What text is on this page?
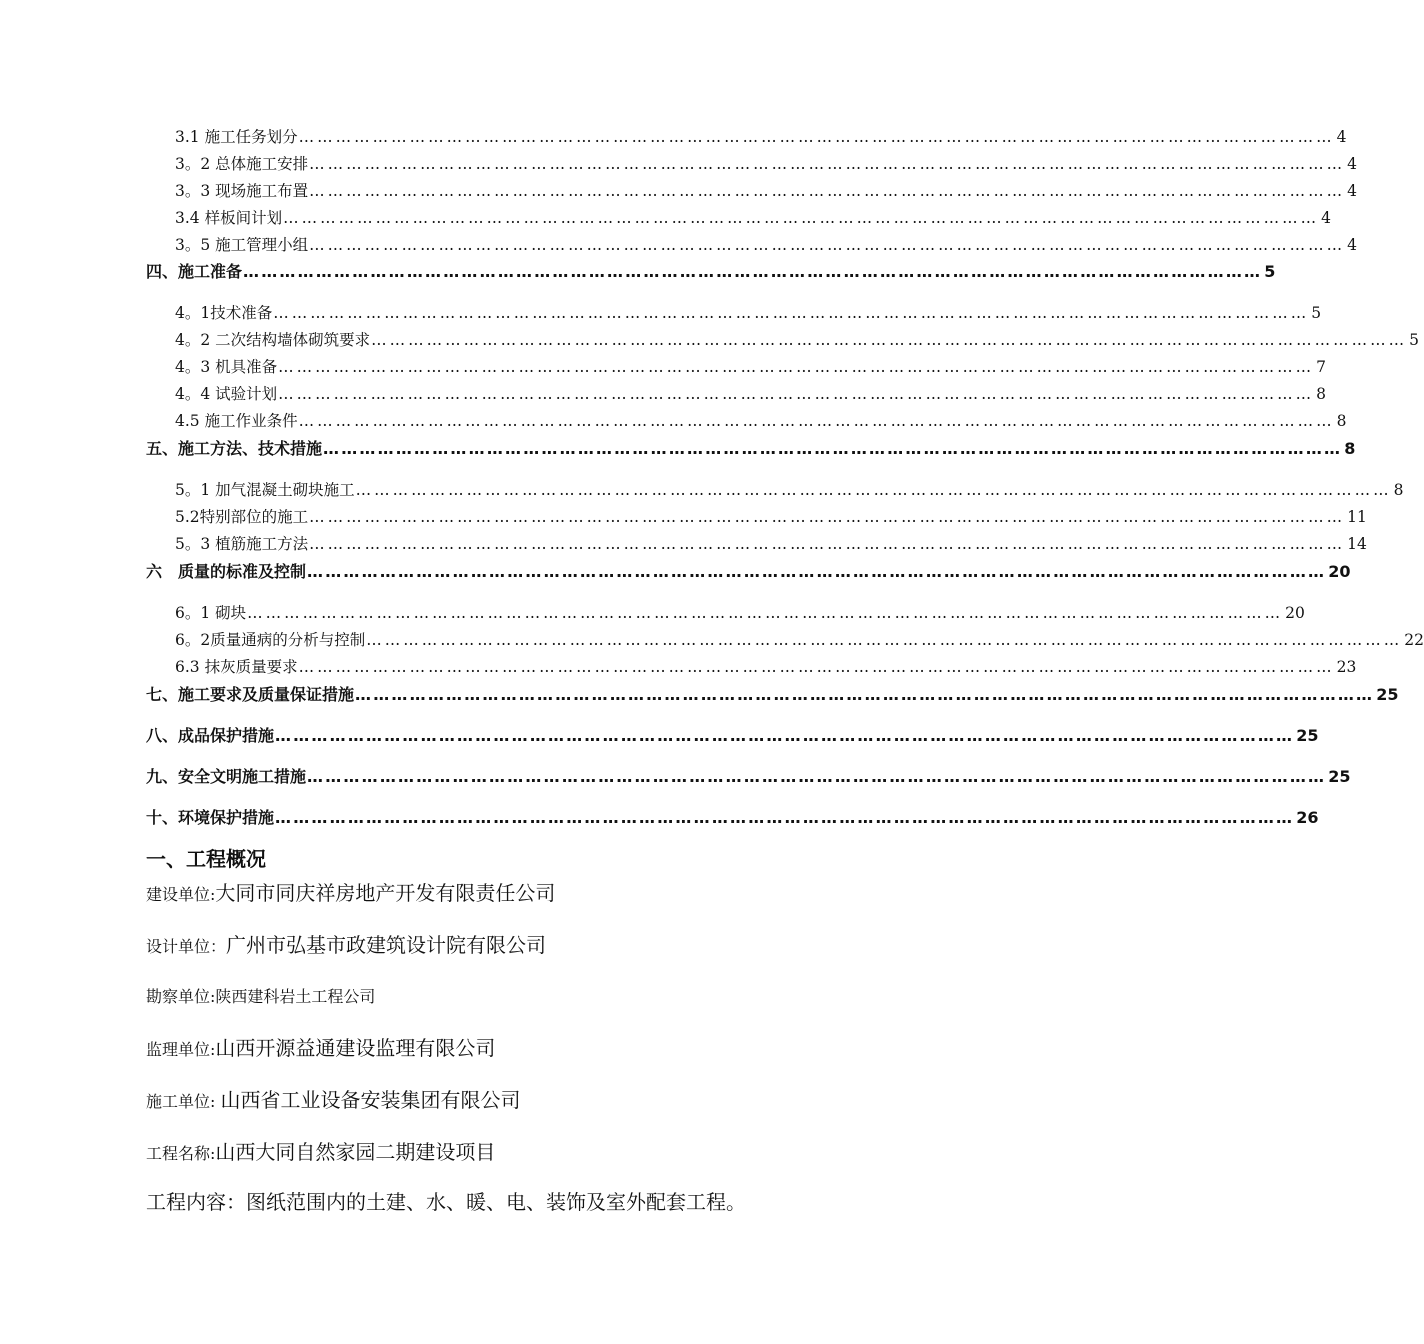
3.1 施工任务划分 …………………………………………………………………………………………………………………………………………………… 4
3。2 总体施工安排 …………………………………………………………………………………………………………………………………………………… 4
3。3 现场施工布置 …………………………………………………………………………………………………………………………………………………… 4
3.4 样板间计划 …………………………………………………………………………………………………………………………………………………… 4
3。5 施工管理小组 …………………………………………………………………………………………………………………………………………………… 4
四、施工准备 …………………………………………………………………………………………………………………………………………………… 5
4。1技术准备 …………………………………………………………………………………………………………………………………………………… 5
4。2 二次结构墙体砌筑要求 …………………………………………………………………………………………………………………………………………………… 5
4。3 机具准备 …………………………………………………………………………………………………………………………………………………… 7
4。4 试验计划 …………………………………………………………………………………………………………………………………………………… 8
4.5 施工作业条件 …………………………………………………………………………………………………………………………………………………… 8
五、施工方法、技术措施 …………………………………………………………………………………………………………………………………………………… 8
5。1 加气混凝土砌块施工 …………………………………………………………………………………………………………………………………………………… 8
5.2特别部位的施工 …………………………………………………………………………………………………………………………………………………… 11
5。3 植筋施工方法 …………………………………………………………………………………………………………………………………………………… 14
六　质量的标准及控制 …………………………………………………………………………………………………………………………………………………… 20
6。1 砌块 …………………………………………………………………………………………………………………………………………………… 20
6。2质量通病的分析与控制 …………………………………………………………………………………………………………………………………………………… 22
6.3 抹灰质量要求 …………………………………………………………………………………………………………………………………………………… 23
七、施工要求及质量保证措施 …………………………………………………………………………………………………………………………………………………… 25
八、成品保护措施 …………………………………………………………………………………………………………………………………………………… 25
九、安全文明施工措施 …………………………………………………………………………………………………………………………………………………… 25
十、环境保护措施 …………………………………………………………………………………………………………………………………………………… 26
一、工程概况
建设单位:大同市同庆祥房地产开发有限责任公司
设计单位：广州市弘基市政建筑设计院有限公司
勘察单位:陕西建科岩土工程公司
监理单位:山西开源益通建设监理有限公司
施工单位: 山西省工业设备安装集团有限公司
工程名称:山西大同自然家园二期建设项目
工程内容：图纸范围内的土建、水、暖、电、装饰及室外配套工程。
